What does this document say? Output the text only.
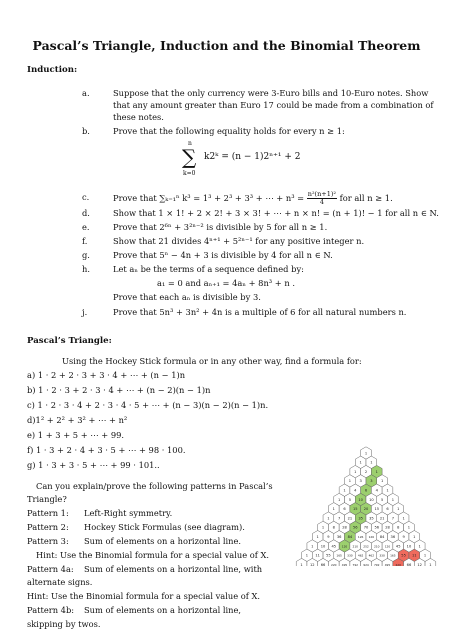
Pascal’s Triangle, Induction and the Binomial Theorem
Induction:
a.	Suppose that the only currency were 3-Euro bills and 10-Euro notes. Show
that any amount greater than Euro 17 could be made from a combination of
these notes.
b.	Prove that the following equality holds for every n ≥ 1:
n
∑
k=0
k2ᵏ = (n − 1)2ⁿ⁺¹ + 2
c.	Prove that ∑ₖ₌₁ⁿ k³ = 1³ + 2³ + 3³ + ⋯ + $n^3 = \frac{\text{n²(n+1)²}}{4}$ for all n ≥ 1.
d.	Show that 1 × 1! + 2 × 2! + 3 × 3! + ⋯ + n × n! = (n + 1)! − 1 for all n ∈ N.
e.	Prove that 2⁶ⁿ + 3²ⁿ⁻² is divisible by 5 for all n ≥ 1.
f.	Show that 21 divides 4ⁿ⁺¹ + 5²ⁿ⁻¹ for any positive integer n.
g.	Prove that 5ⁿ − 4n + 3 is divisible by 4 for all n ∈ N.
h.	Let aₙ be the terms of a sequence defined by:
a₁ = 0 and aₙ₊₁ = 4aₙ + 8n³ + n .
Prove that each aₙ is divisible by 3.
j.	Prove that 5n³ + 3n² + 4n is a multiple of 6 for all natural numbers n.
Pascal’s Triangle:
Using the Hockey Stick formula or in any other way, find a formula for:
a) 1 · 2 + 2 · 3 + 3 · 4 + ⋯ + (n − 1)n
b) 1 · 2 · 3 + 2 · 3 · 4 + ⋯ + (n − 2)(n − 1)n
c) 1 · 2 · 3 · 4 + 2 · 3 · 4 · 5 + ⋯ + (n − 3)(n − 2)(n − 1)n.
d)1² + 2² + 3² + ⋯ + n²
e) 1 + 3 + 5 + ⋯ + 99.
f) 1 · 3 + 2 · 4 + 3 · 5 + ⋯ + 98 · 100.
g) 1 · 3 + 3 · 5 + ⋯ + 99 · 101..
Can you explain/prove the following patterns in Pascal’s
Triangle?
Pattern 1: Left-Right symmetry.
Pattern 2: Hockey Stick Formulas (see diagram).
Pattern 3: Sum of elements on a horizontal line.
Hint: Use the Binomial formula for a special value of X.
Pattern 4a: Sum of elements on a horizontal line, with
alternate signs.
Hint: Use the Binomial formula for a special value of X.
Pattern 4b: Sum of elements on a horizontal line,
skipping by twos.
1
1 1
1 2 1
1 3 3 1
1 4 6 4 1
1 5 10 10 5 1
1 6 15 20 15 6 1
1 7 21 35 35 21 7 1
1 8 28 56 70 56 28 8 1
1 9 36 84 126 126 84 36 9 1
1 10 45 120 210 252 210 120 45 10 1
1 11 55 165 330 462 462 330 165 55 11 1
1 12 66 220 495 792 924 792 495 220 66 12 1
